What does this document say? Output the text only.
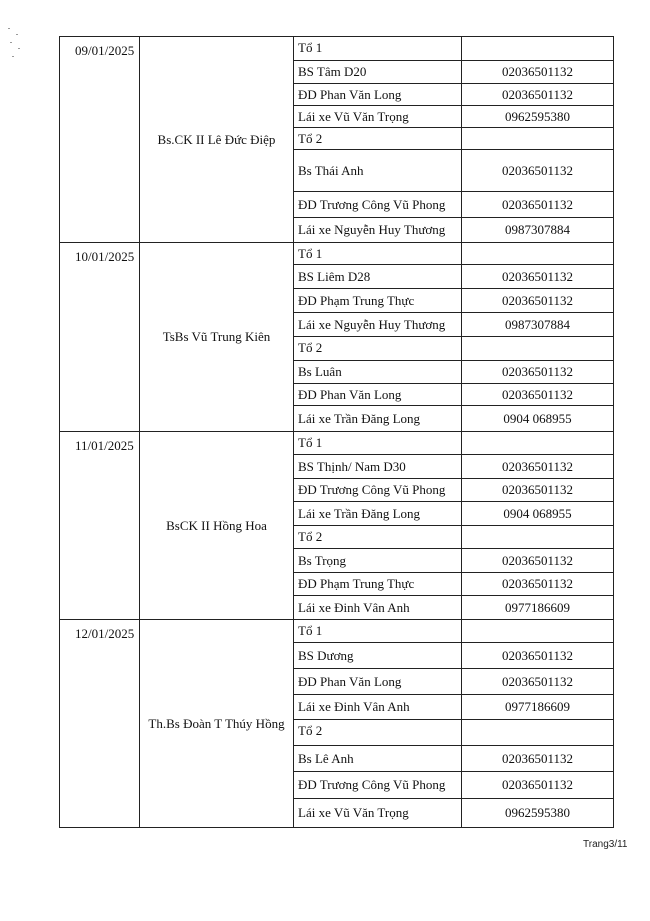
09/01/2025
Bs.CK II Lê Đức Điệp
Tổ 1
BS Tâm D20	02036501132
ĐD Phan Văn Long	02036501132
Lái xe Vũ Văn Trọng	0962595380
Tổ 2
Bs Thái Anh	02036501132
ĐD Trương Công Vũ Phong	02036501132
Lái xe Nguyễn Huy Thương	0987307884
10/01/2025
TsBs Vũ Trung Kiên
Tổ 1
BS Liêm D28	02036501132
ĐD Phạm Trung Thực	02036501132
Lái xe Nguyễn Huy Thương	0987307884
Tổ 2
Bs Luân	02036501132
ĐD Phan Văn Long	02036501132
Lái xe Trần Đăng Long	0904 068955
11/01/2025
BsCK II Hồng Hoa
Tổ 1
BS Thịnh/ Nam D30	02036501132
ĐD Trương Công Vũ Phong	02036501132
Lái xe Trần Đăng Long	0904 068955
Tổ 2
Bs Trọng	02036501132
ĐD Phạm Trung Thực	02036501132
Lái xe Đinh Vân Anh	0977186609
12/01/2025
Th.Bs Đoàn T Thúy Hồng
Tổ 1
BS Dương	02036501132
ĐD Phan Văn Long	02036501132
Lái xe Đinh Vân Anh	0977186609
Tổ 2
Bs Lê Anh	02036501132
ĐD Trương Công Vũ Phong	02036501132
Lái xe Vũ Văn Trọng	0962595380
Trang3/11
